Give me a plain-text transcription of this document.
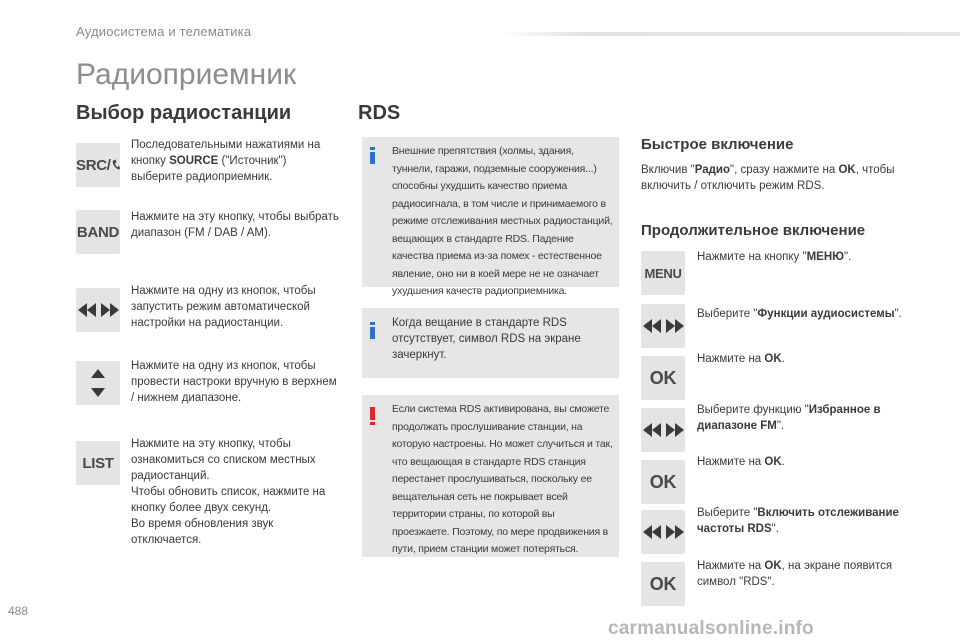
Аудиосистема и телематика
Радиоприемник
Выбор радиостанции	RDS
SRC/
Последовательными нажатиями на кнопку SOURCE ("Источник") выберите радиоприемник.
BAND
Нажмите на эту кнопку, чтобы выбрать диапазон (FM / DAB / AM).
Нажмите на одну из кнопок, чтобы запустить режим автоматической настройки на радиостанции.
Нажмите на одну из кнопок, чтобы провести настроки вручную в верхнем / нижнем диапазоне.
LIST
Нажмите на эту кнопку, чтобы ознакомиться со списком местных радиостанций.
Чтобы обновить список, нажмите на кнопку более двух секунд.
Во время обновления звук отключается.
Внешние препятствия (холмы, здания, туннели, гаражи, подземные сооружения...) способны ухудшить качество приема радиосигнала, в том числе и принимаемого в режиме отслеживания местных радиостанций, вещающих в стандарте RDS. Падение качества приема из-за помех - естественное явление, оно ни в коей мере не не означает ухудшения качеств радиоприемника.
Когда вещание в стандарте RDS отсутствует, символ RDS на экране зачеркнут.
Если система RDS активирована, вы сможете продолжать прослушивание станции, на которую настроены. Но может случиться и так, что вещающая в стандарте RDS станция перестанет прослушиваться, поскольку ее вещательная сеть не покрывает всей территории страны, по которой вы проезжаете. Поэтому, по мере продвижения в пути, прием станции может потеряться.
Быстрое включение
Включив "Радио", сразу нажмите на OK, чтобы включить / отключить режим RDS.
Продолжительное включение
MENU
Нажмите на кнопку "МЕНЮ".
Выберите "Функции аудиосистемы".
OK
Нажмите на OK.
Выберите функцию "Избранное в диапазоне FM".
OK
Нажмите на OK.
Выберите "Включить отслеживание частоты RDS".
OK
Нажмите на OK, на экране появится символ "RDS".
488
carmanualsonline.info
